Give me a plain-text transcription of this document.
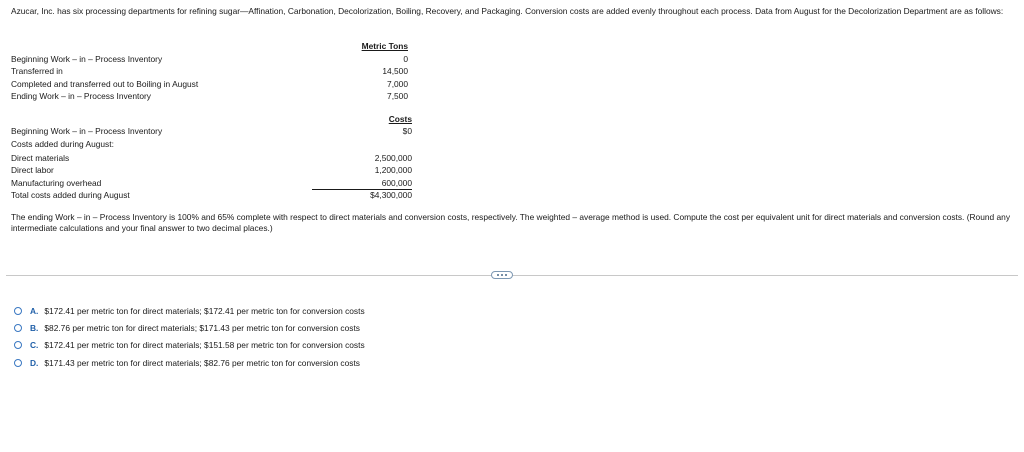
Azucar, Inc. has six processing departments for refining sugar—Affination, Carbonation, Decolorization, Boiling, Recovery, and Packaging. Conversion costs are added evenly throughout each process. Data from August for the Decolorization Department are as follows:
Metric Tons
Beginning Work – in – Process Inventory	0
Transferred in	14,500
Completed and transferred out to Boiling in August	7,000
Ending Work – in – Process Inventory	7,500
Costs
Beginning Work – in – Process Inventory	$0
Costs added during August:
Direct materials	2,500,000
Direct labor	1,200,000
Manufacturing overhead	600,000
Total costs added during August	$4,300,000
The ending Work – in – Process Inventory is 100% and 65% complete with respect to direct materials and conversion costs, respectively. The weighted – average method is used. Compute the cost per equivalent unit for direct materials and conversion costs. (Round any intermediate calculations and your final answer to two decimal places.)
A. $172.41 per metric ton for direct materials; $172.41 per metric ton for conversion costs
B. $82.76 per metric ton for direct materials; $171.43 per metric ton for conversion costs
C. $172.41 per metric ton for direct materials; $151.58 per metric ton for conversion costs
D. $171.43 per metric ton for direct materials; $82.76 per metric ton for conversion costs
